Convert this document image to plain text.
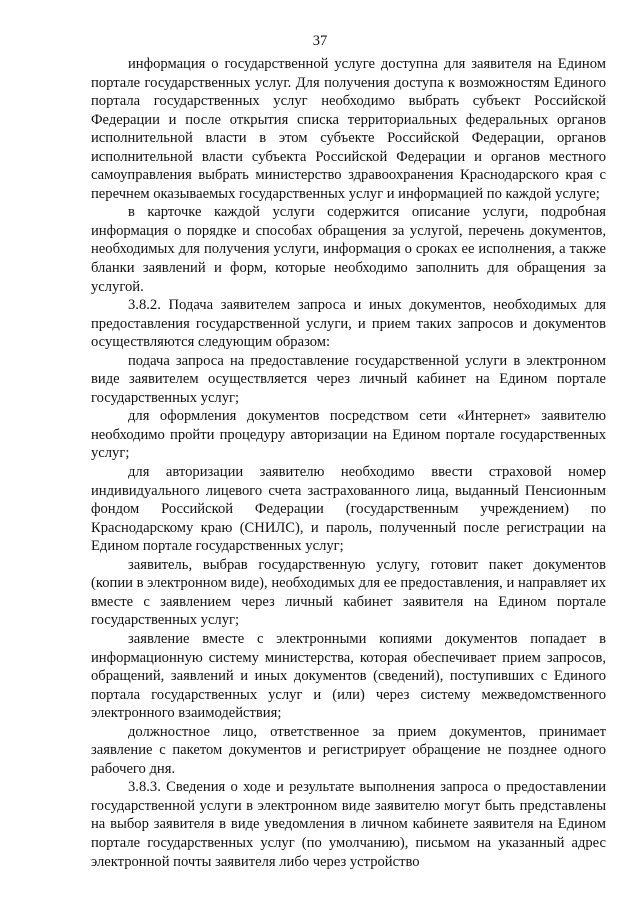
37

информация о государственной услуге доступна для заявителя на Едином портале государственных услуг. Для получения доступа к возможностям Единого портала государственных услуг необходимо выбрать субъект Российской Федерации и после открытия списка территориальных федеральных органов исполнительной власти в этом субъекте Российской Федерации, органов исполнительной власти субъекта Российской Федерации и органов местного самоуправления выбрать министерство здравоохранения Краснодарского края с перечнем оказываемых государственных услуг и информацией по каждой услуге;

в карточке каждой услуги содержится описание услуги, подробная информация о порядке и способах обращения за услугой, перечень документов, необходимых для получения услуги, информация о сроках ее исполнения, а также бланки заявлений и форм, которые необходимо заполнить для обращения за услугой.

3.8.2. Подача заявителем запроса и иных документов, необходимых для предоставления государственной услуги, и прием таких запросов и документов осуществляются следующим образом:

подача запроса на предоставление государственной услуги в электронном виде заявителем осуществляется через личный кабинет на Едином портале государственных услуг;

для оформления документов посредством сети «Интернет» заявителю необходимо пройти процедуру авторизации на Едином портале государственных услуг;

для авторизации заявителю необходимо ввести страховой номер индивидуального лицевого счета застрахованного лица, выданный Пенсионным фондом Российской Федерации (государственным учреждением) по Краснодарскому краю (СНИЛС), и пароль, полученный после регистрации на Едином портале государственных услуг;

заявитель, выбрав государственную услугу, готовит пакет документов (копии в электронном виде), необходимых для ее предоставления, и направляет их вместе с заявлением через личный кабинет заявителя на Едином портале государственных услуг;

заявление вместе с электронными копиями документов попадает в информационную систему министерства, которая обеспечивает прием запросов, обращений, заявлений и иных документов (сведений), поступивших с Единого портала государственных услуг и (или) через систему межведомственного электронного взаимодействия;

должностное лицо, ответственное за прием документов, принимает заявление с пакетом документов и регистрирует обращение не позднее одного рабочего дня.

3.8.3. Сведения о ходе и результате выполнения запроса о предоставлении государственной услуги в электронном виде заявителю могут быть представлены на выбор заявителя в виде уведомления в личном кабинете заявителя на Едином портале государственных услуг (по умолчанию), письмом на указанный адрес электронной почты заявителя либо через устройство
